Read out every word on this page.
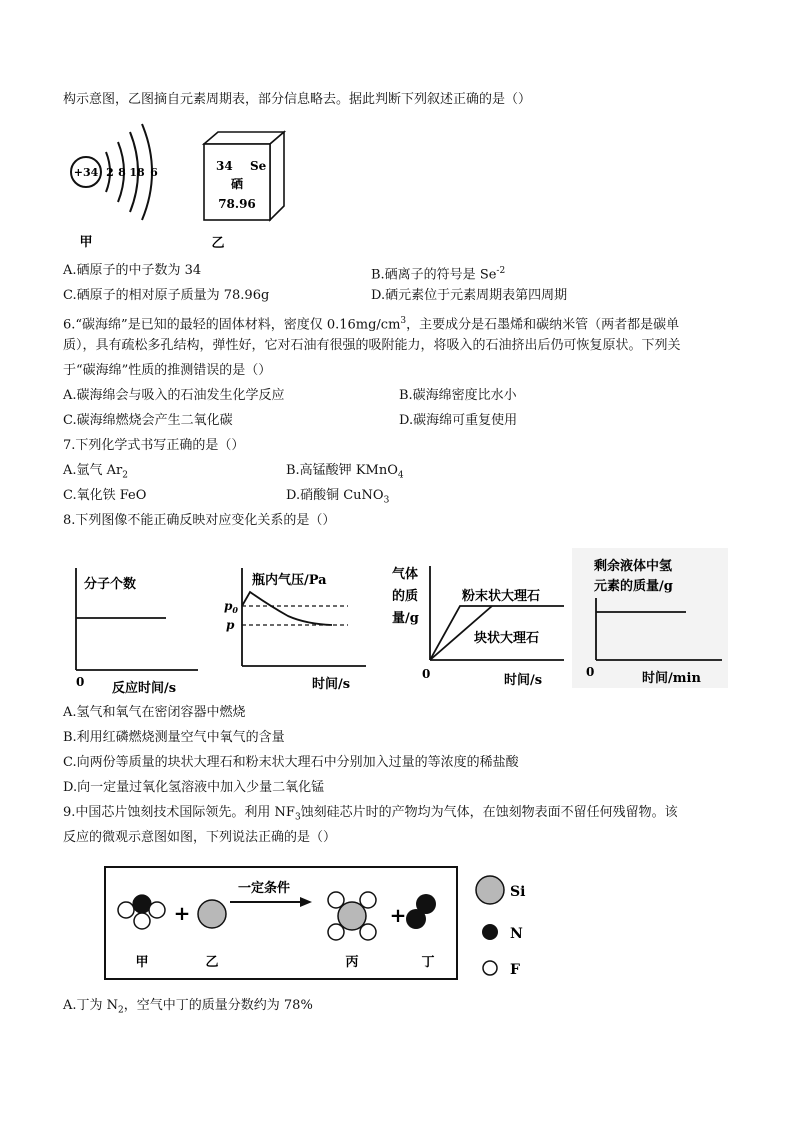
构示意图，乙图摘自元素周期表，部分信息略去。据此判断下列叙述正确的是（）
+34 2 8 18 6
甲
34 Se
硒
78.96
乙
A.硒原子的中子数为 34	B.硒离子的符号是 $Se^{-2}$
C.硒原子的相对原子质量为 78.96g	D.硒元素位于元素周期表第四周期
6.“碳海绵”是已知的最轻的固体材料，密度仅 $0.16mg/cm^3$，主要成分是石墨烯和碳纳米管（两者都是碳单
质），具有疏松多孔结构，弹性好，它对石油有很强的吸附能力，将吸入的石油挤出后仍可恢复原状。下列关
于“碳海绵”性质的推测错误的是（）
A.碳海绵会与吸入的石油发生化学反应	B.碳海绵密度比水小
C.碳海绵燃烧会产生二氧化碳	D.碳海绵可重复使用
7.下列化学式书写正确的是（）
A.氩气 $Ar_2$	B.高锰酸钾 KMnO$_4$
C.氧化铁 FeO	D.硝酸铜 CuNO$_3$
8.下列图像不能正确反映对应变化关系的是（）
分子个数
0 反应时间/s
瓶内气压/Pa
$p_0$
p
时间/s
气体
的质
量/g
粉末状大理石
块状大理石
0	时间/s
剩余液体中氢
元素的质量/g
0	时间/min
A.氢气和氧气在密闭容器中燃烧
B.利用红磷燃烧测量空气中氧气的含量
C.向两份等质量的块状大理石和粉末状大理石中分别加入过量的等浓度的稀盐酸
D.向一定量过氧化氢溶液中加入少量二氧化锰
9.中国芯片蚀刻技术国际领先。利用 $NF_3$蚀刻硅芯片时的产物均为气体，在蚀刻物表面不留任何残留物。该
反应的微观示意图如图，下列说法正确的是（）
+
一定条件
+
甲	乙	丙	丁
Si
N
F
A.丁为 $N_2$，空气中丁的质量分数约为 78%
